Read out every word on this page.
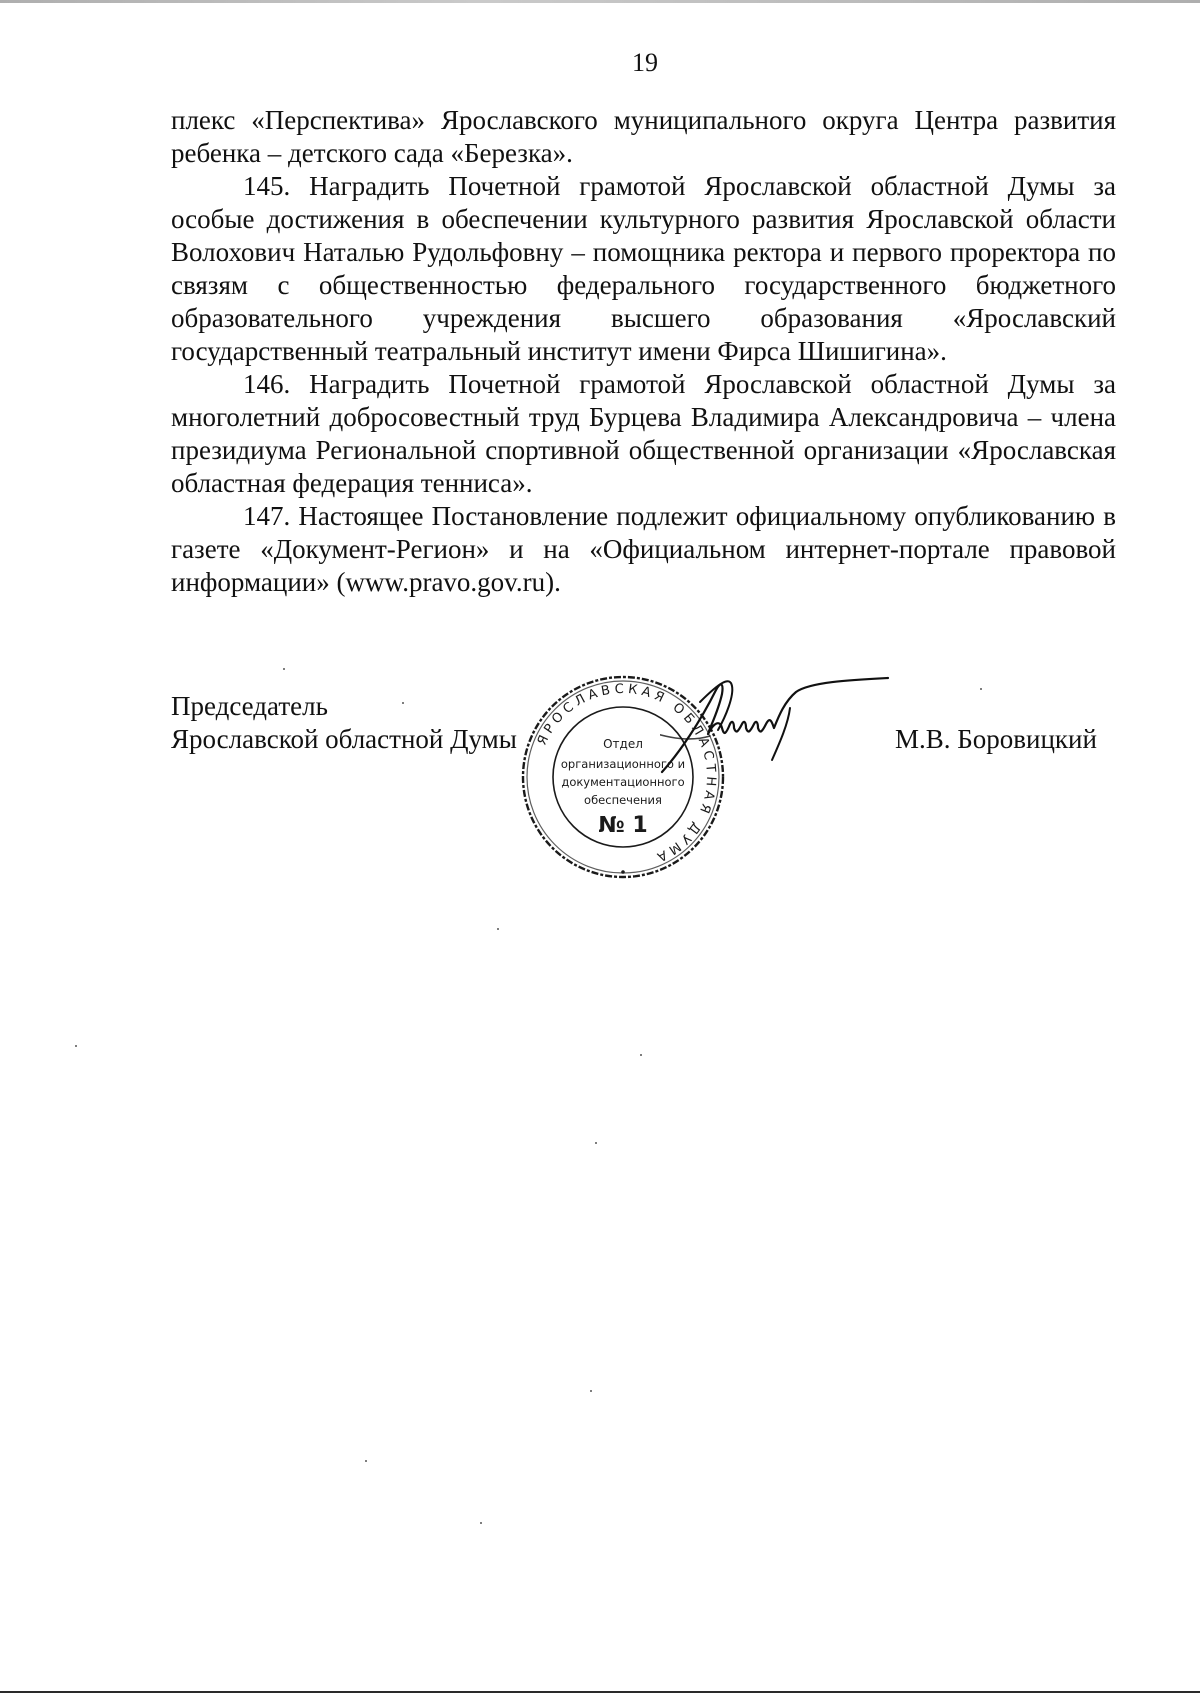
19

плекс «Перспектива» Ярославского муниципального округа Центра развития ребенка – детского сада «Березка».

145. Наградить Почетной грамотой Ярославской областной Думы за особые достижения в обеспечении культурного развития Ярославской области Волохович Наталью Рудольфовну – помощника ректора и первого проректора по связям с общественностью федерального государственного бюджетного образовательного учреждения высшего образования «Ярославский государственный театральный институт имени Фирса Шишигина».

146. Наградить Почетной грамотой Ярославской областной Думы за многолетний добросовестный труд Бурцева Владимира Александровича – члена президиума Региональной спортивной общественной организации «Ярославская областная федерация тенниса».

147. Настоящее Постановление подлежит официальному опубликованию в газете «Документ-Регион» и на «Официальном интернет-портале правовой информации» (www.pravo.gov.ru).

Председатель
Ярославской областной Думы ЯРОСЛАВСКАЯ ОБЛАСТНАЯ ДУМА
Отдел
организационного и
документационного
обеспечения
№ 1
М.В. Боровицкий
